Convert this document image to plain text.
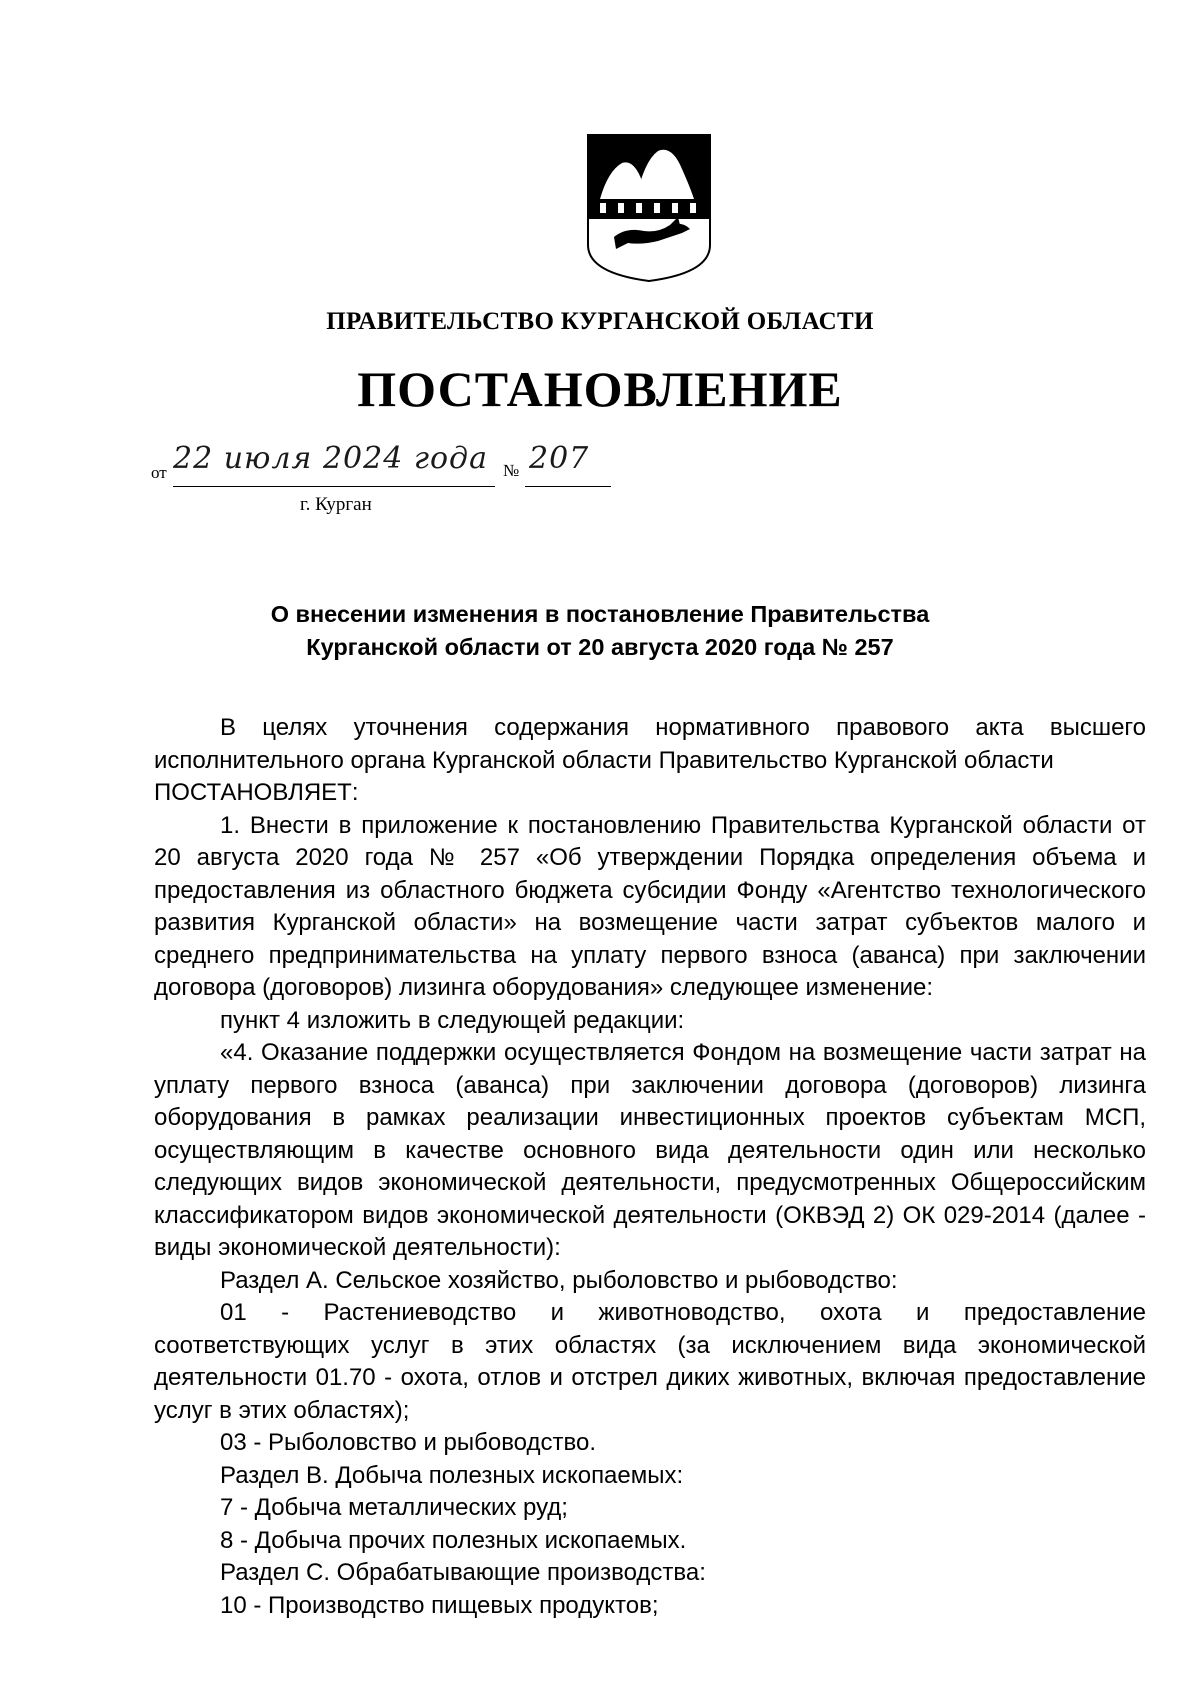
ПРАВИТЕЛЬСТВО КУРГАНСКОЙ ОБЛАСТИ
ПОСТАНОВЛЕНИЕ
от 22 июля 2024 года № 207
г. Курган
О внесении изменения в постановление Правительства
Курганской области от 20 августа 2020 года № 257

В целях уточнения содержания нормативного правового акта высшего исполнительного органа Курганской области Правительство Курганской области

ПОСТАНОВЛЯЕТ:

1. Внести в приложение к постановлению Правительства Курганской области от 20 августа 2020 года № 257 «Об утверждении Порядка определения объема и предоставления из областного бюджета субсидии Фонду «Агентство технологического развития Курганской области» на возмещение части затрат субъектов малого и среднего предпринимательства на уплату первого взноса (аванса) при заключении договора (договоров) лизинга оборудования» следующее изменение:

пункт 4 изложить в следующей редакции:

«4. Оказание поддержки осуществляется Фондом на возмещение части затрат на уплату первого взноса (аванса) при заключении договора (договоров) лизинга оборудования в рамках реализации инвестиционных проектов субъектам МСП, осуществляющим в качестве основного вида деятельности один или несколько следующих видов экономической деятельности, предусмотренных Общероссийским классификатором видов экономической деятельности (ОКВЭД 2) ОК 029-2014 (далее - виды экономической деятельности):

Раздел А. Сельское хозяйство, рыболовство и рыбоводство:

01 - Растениеводство и животноводство, охота и предоставление соответствующих услуг в этих областях (за исключением вида экономической деятельности 01.70 - охота, отлов и отстрел диких животных, включая предоставление услуг в этих областях);

03 - Рыболовство и рыбоводство.

Раздел В. Добыча полезных ископаемых:

7 - Добыча металлических руд;

8 - Добыча прочих полезных ископаемых.

Раздел С. Обрабатывающие производства:

10 - Производство пищевых продуктов;
